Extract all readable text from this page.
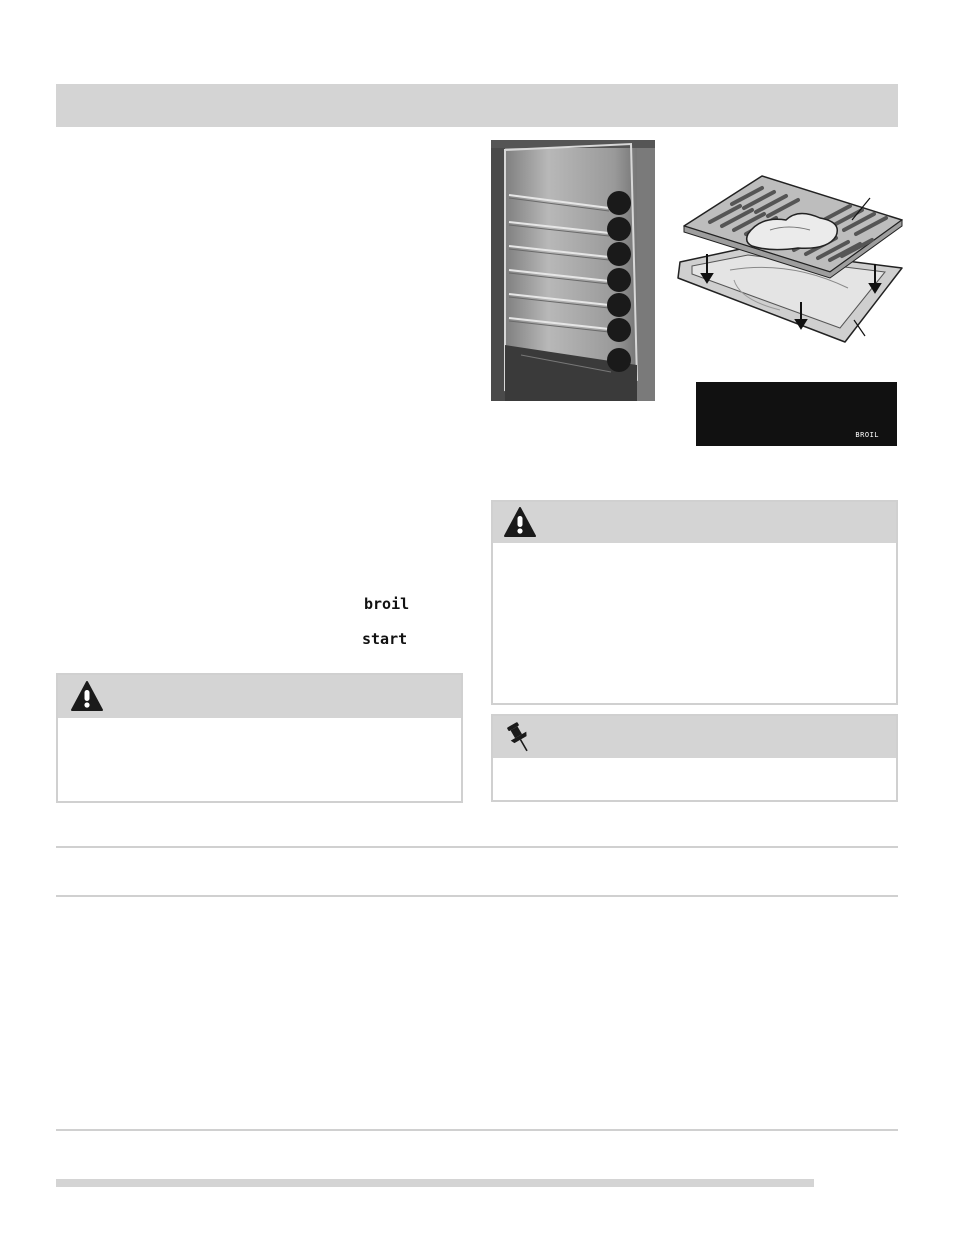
BROIL
broil
start
